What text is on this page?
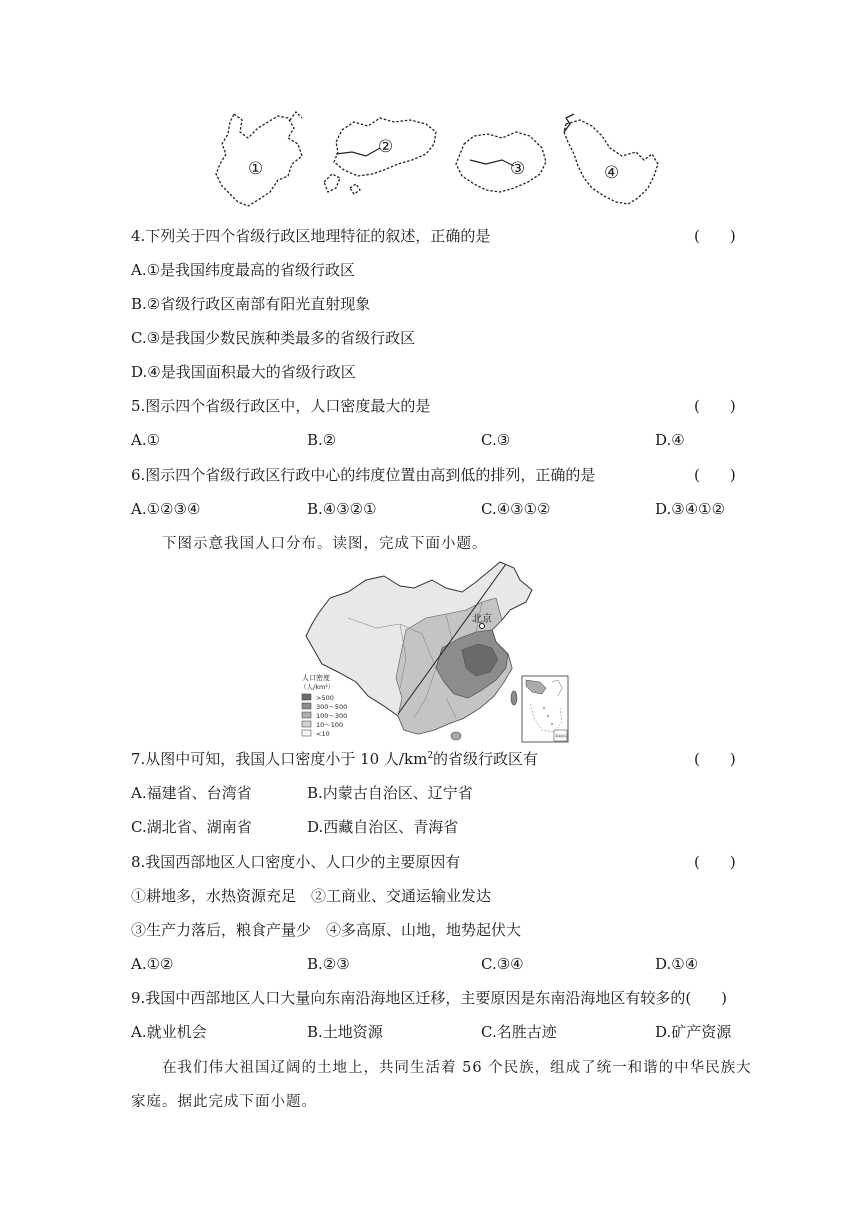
①
②
③	④
4.下列关于四个省级行政区地理特征的叙述，正确的是	(　　)
A.①是我国纬度最高的省级行政区
B.②省级行政区南部有阳光直射现象
C.③是我国少数民族种类最多的省级行政区
D.④是我国面积最大的省级行政区
5.图示四个省级行政区中，人口密度最大的是	(　　)
A.①	B.②	C.③	D.④
6.图示四个省级行政区行政中心的纬度位置由高到低的排列，正确的是	(　　)
A.①②③④	B.④③②①	C.④③①②	D.③④①②
下图示意我国人口分布。读图，完成下面小题。
北京
人口密度
（人/km²）
>500
300～500
100～300
10～100
<10	南海诸岛
7.从图中可知，我国人口密度小于 10 人$/km^2$的省级行政区有	(　　)
A.福建省、台湾省	B.内蒙古自治区、辽宁省
C.湖北省、湖南省	D.西藏自治区、青海省
8.我国西部地区人口密度小、人口少的主要原因有	(　　)
①耕地多，水热资源充足　②工商业、交通运输业发达
③生产力落后，粮食产量少　④多高原、山地，地势起伏大
A.①②	B.②③	C.③④	D.①④
9.我国中西部地区人口大量向东南沿海地区迁移，主要原因是东南沿海地区有较多的(　　)
A.就业机会	B.土地资源	C.名胜古迹	D.矿产资源
在我们伟大祖国辽阔的土地上，共同生活着 56 个民族，组成了统一和谐的中华民族大
家庭。据此完成下面小题。
